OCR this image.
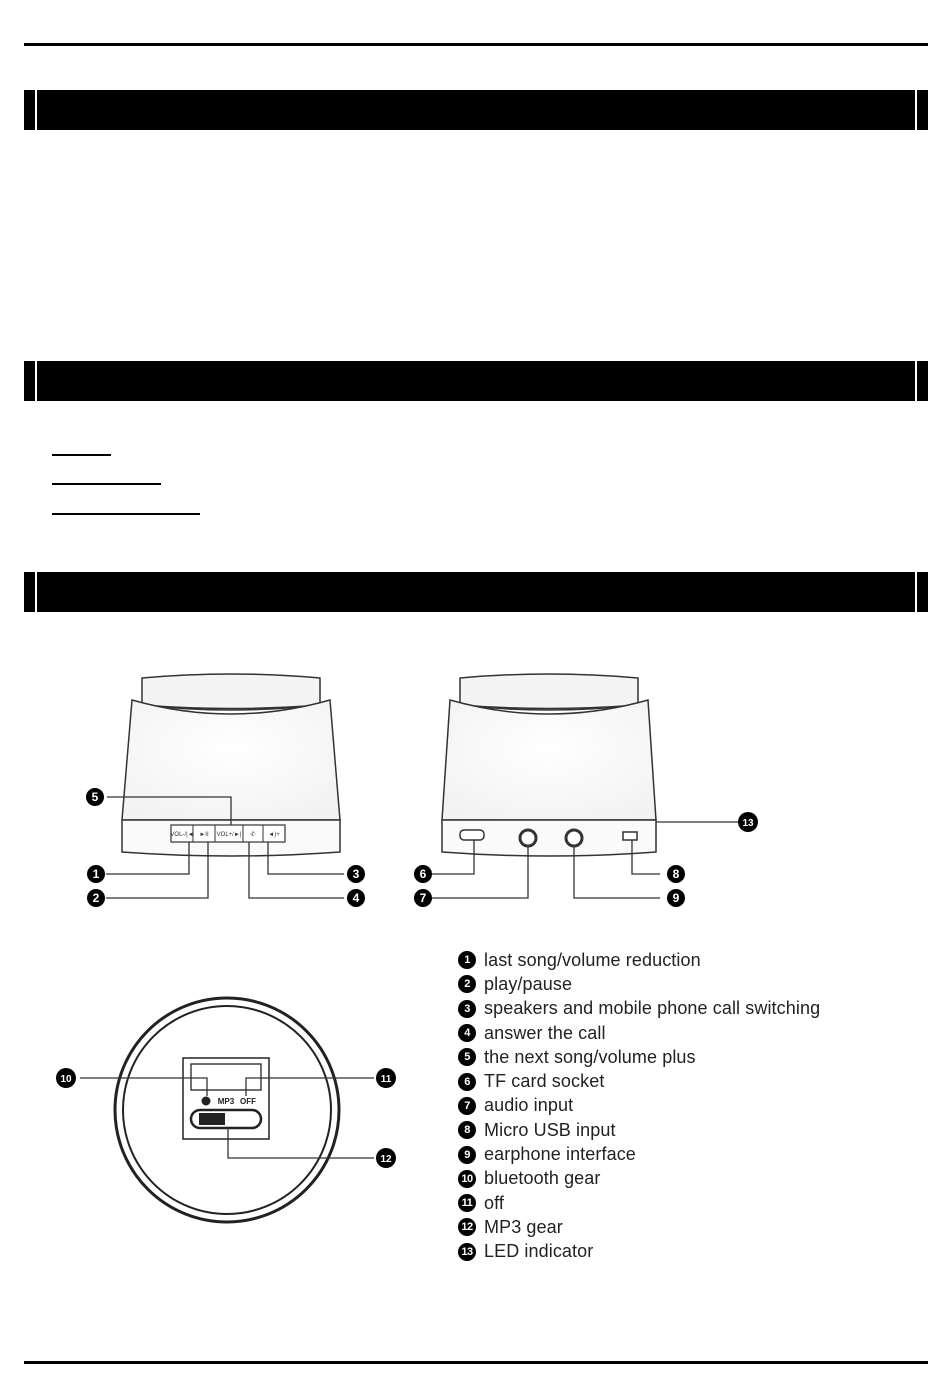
VOL-/|◄ ►II VOL+/►| ✆ ◄)+
MP3 OFF
1
2
3
4
5
6
7
8
9
10	11
12
13
1 last song/volume reduction
2 play/pause
3 speakers and mobile phone call switching
4 answer the call
5 the next song/volume plus
6 TF card socket
7 audio input
8 Micro USB input
9 earphone interface
10 bluetooth gear
11 off
12 MP3 gear
13 LED indicator
